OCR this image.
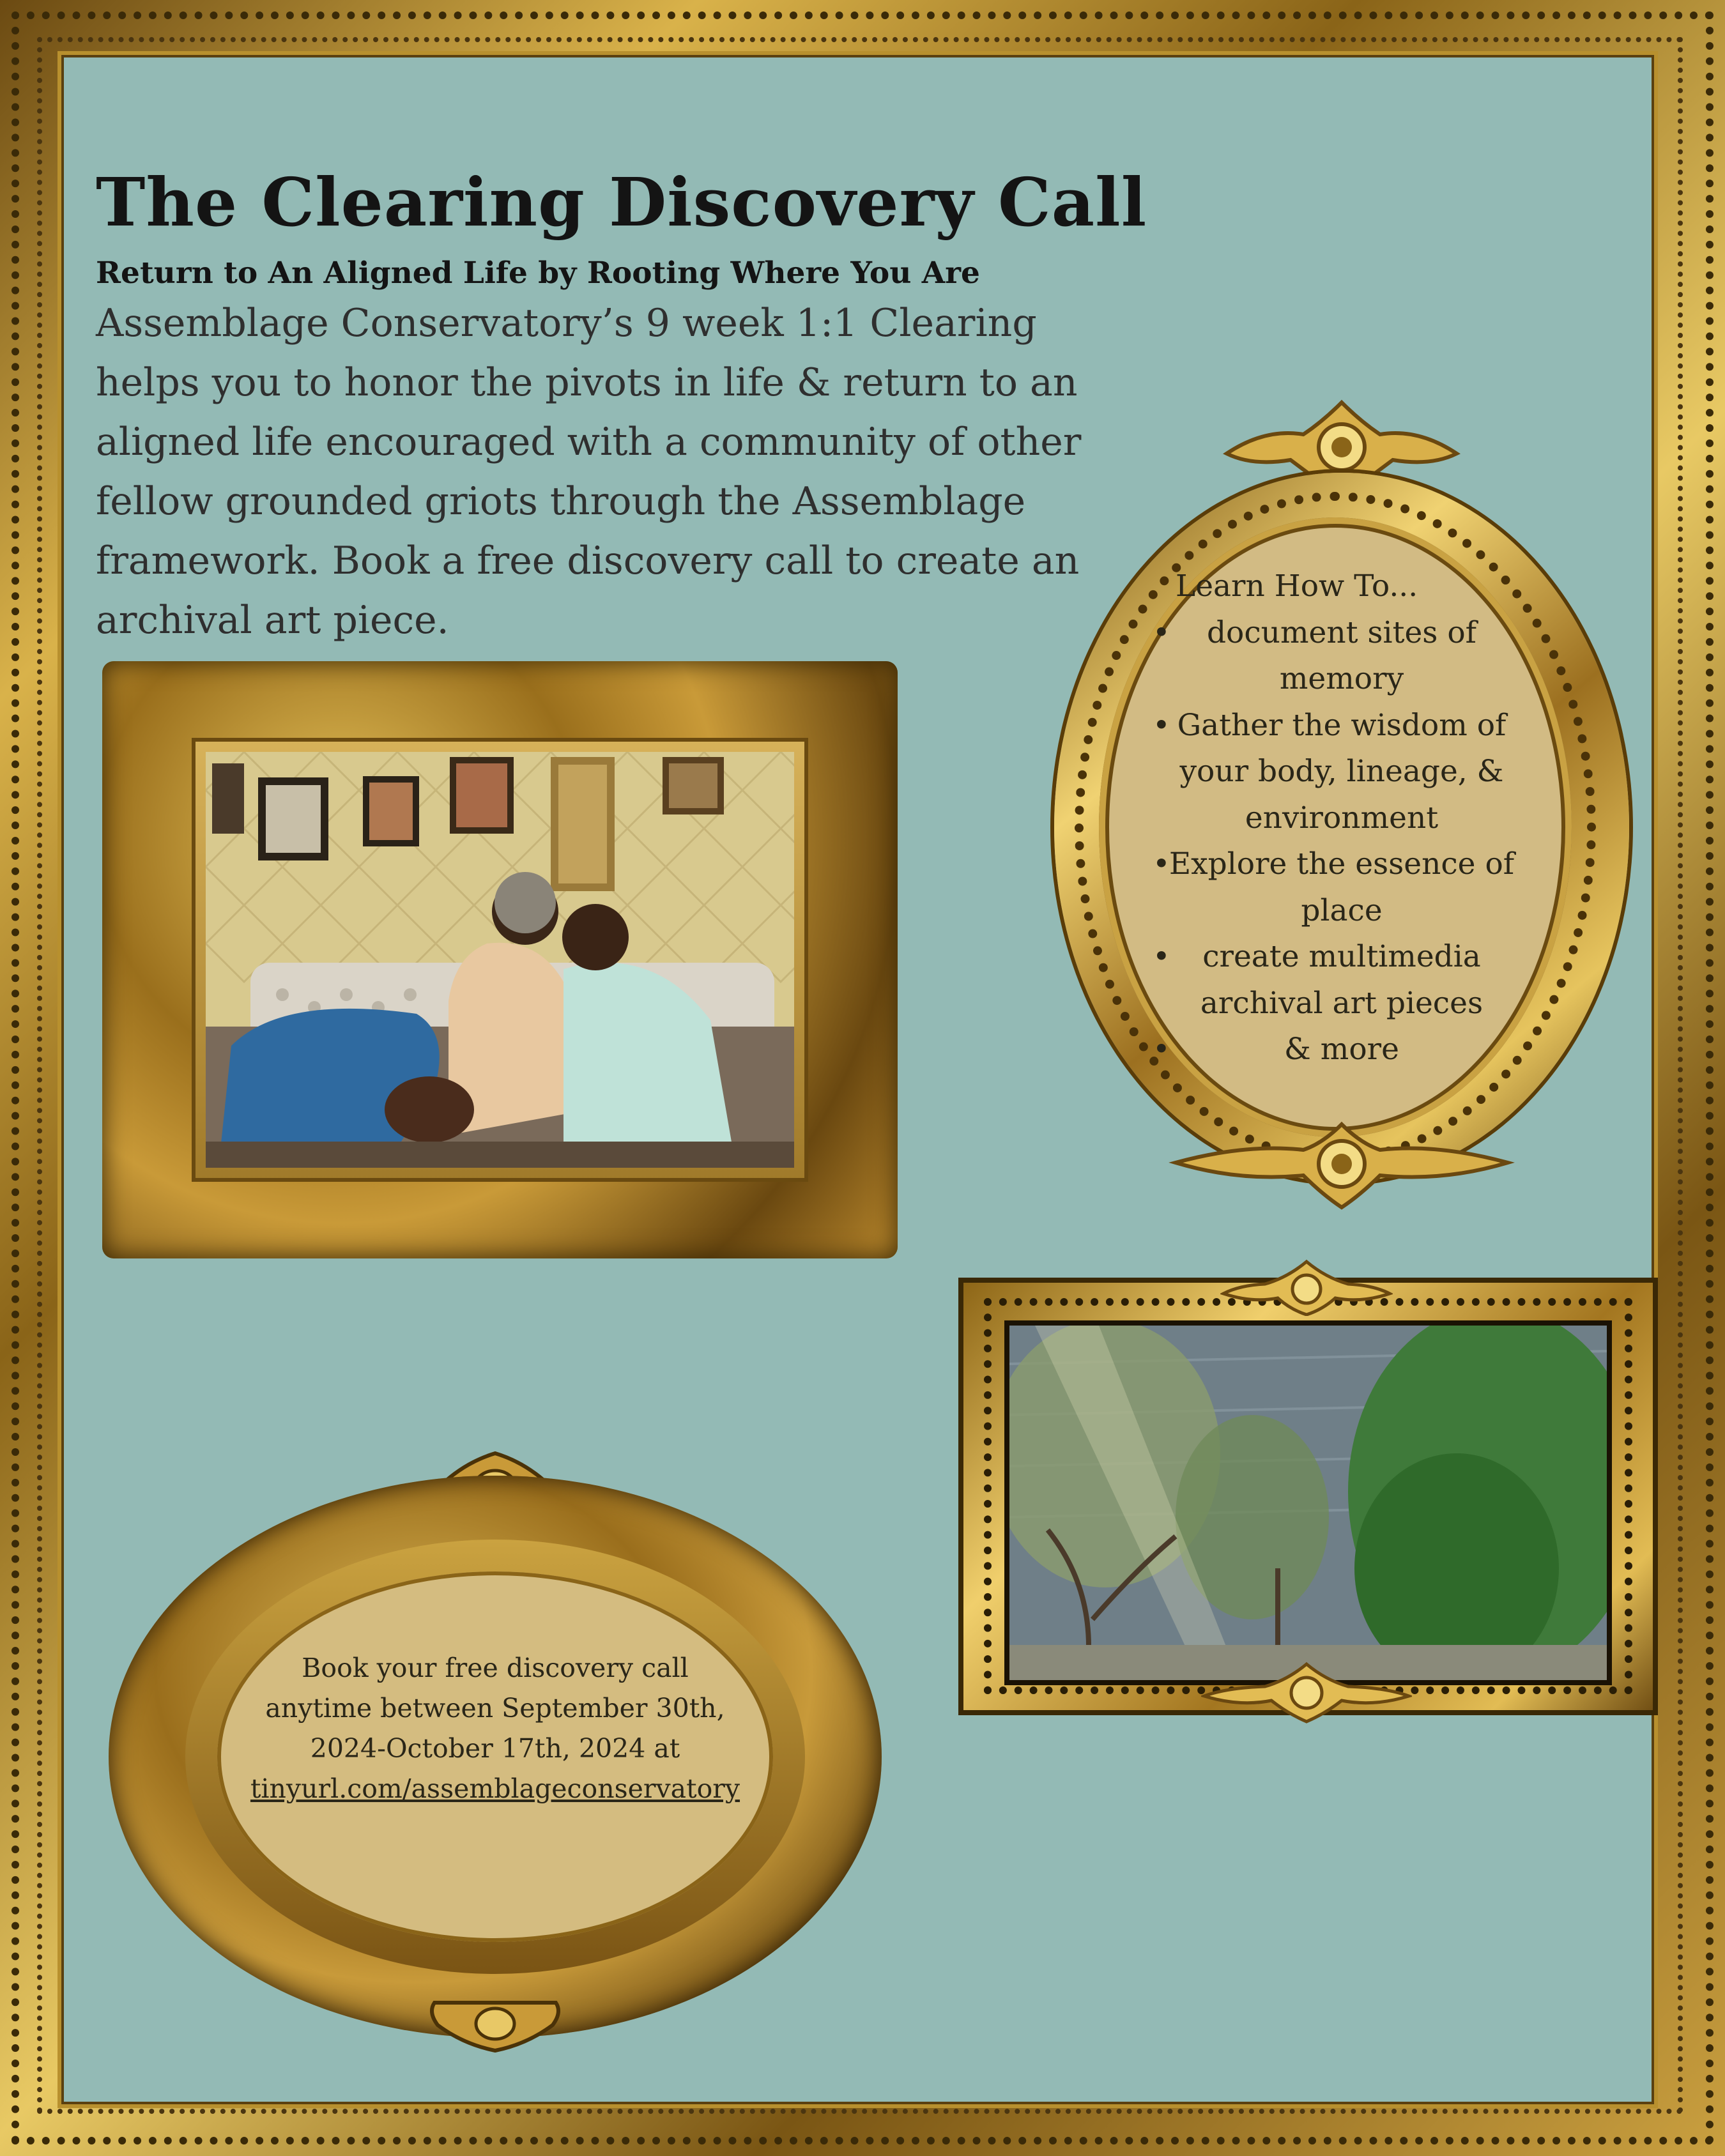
The Clearing Discovery Call
Return to An Aligned Life by Rooting Where You Are
Assemblage Conservatory’s 9 week 1:1 Clearing helps you to honor the pivots in life & return to an aligned life encouraged with a community of other fellow grounded griots through the Assemblage framework. Book a free discovery call to create an archival art piece.
Learn How To...
• document sites of memory
• Gather the wisdom of your body, lineage, & environment
• Explore the essence of place
• create multimedia archival art pieces
• & more
Book your free discovery call
anytime between September 30th,
2024-October 17th, 2024 at
tinyurl.com/assemblageconservatory
